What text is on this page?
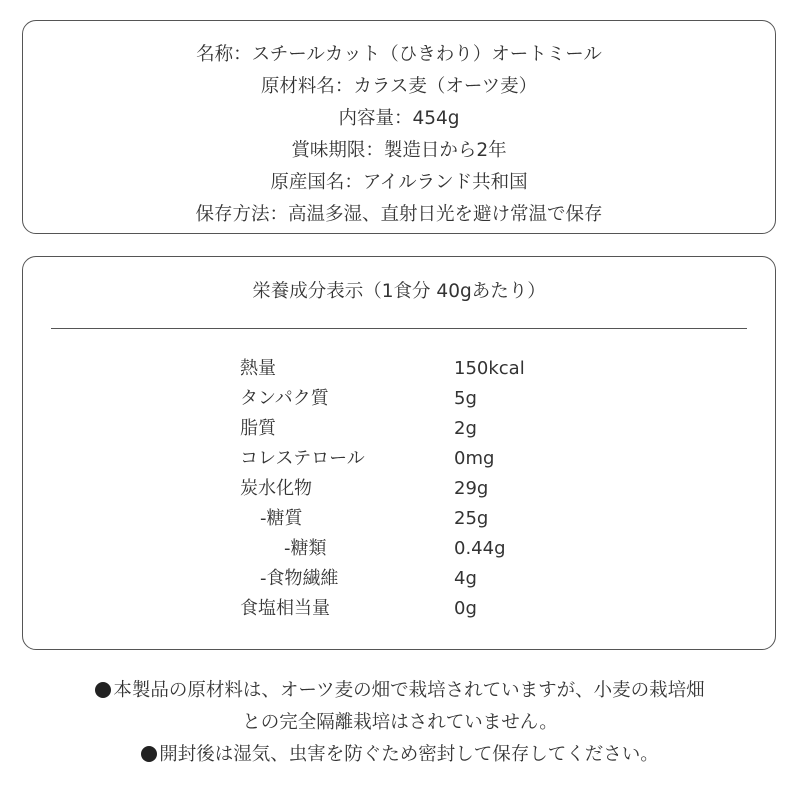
名称：スチールカット（ひきわり）オートミール
原材料名：カラス麦（オーツ麦）
内容量：454g
賞味期限：製造日から2年
原産国名：アイルランド共和国
保存方法：高温多湿、直射日光を避け常温で保存
栄養成分表示（1食分 40gあたり）
熱量	150kcal
タンパク質	5g
脂質	2g
コレステロール	0mg
炭水化物	29g
-糖質	25g
-糖類	0.44g
-食物繊維	4g
食塩相当量	0g
本製品の原材料は、オーツ麦の畑で栽培されていますが、小麦の栽培畑
との完全隔離栽培はされていません。
開封後は湿気、虫害を防ぐため密封して保存してください。
